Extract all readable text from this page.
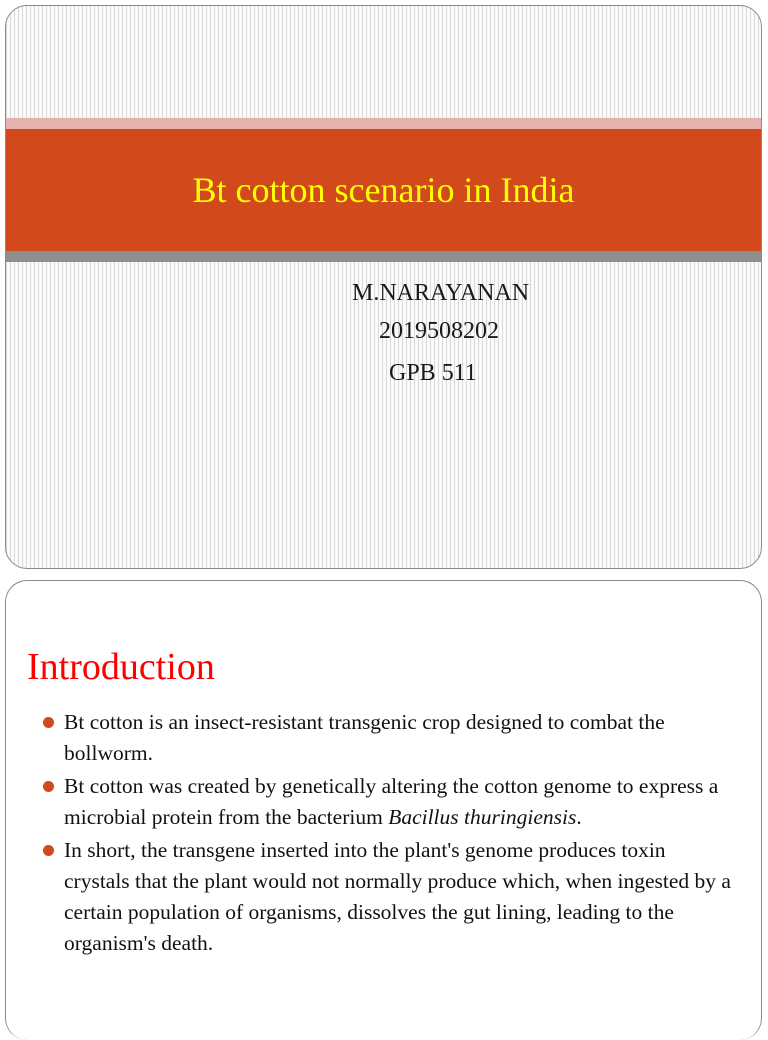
Bt cotton scenario in India
M.NARAYANAN
2019508202
GPB 511
Introduction
Bt cotton is an insect-resistant transgenic crop designed to combat the bollworm.
Bt cotton was created by genetically altering the cotton genome to express a microbial protein from the bacterium Bacillus thuringiensis.
In short, the transgene inserted into the plant's genome produces toxin crystals that the plant would not normally produce which, when ingested by a certain population of organisms, dissolves the gut lining, leading to the organism's death.
